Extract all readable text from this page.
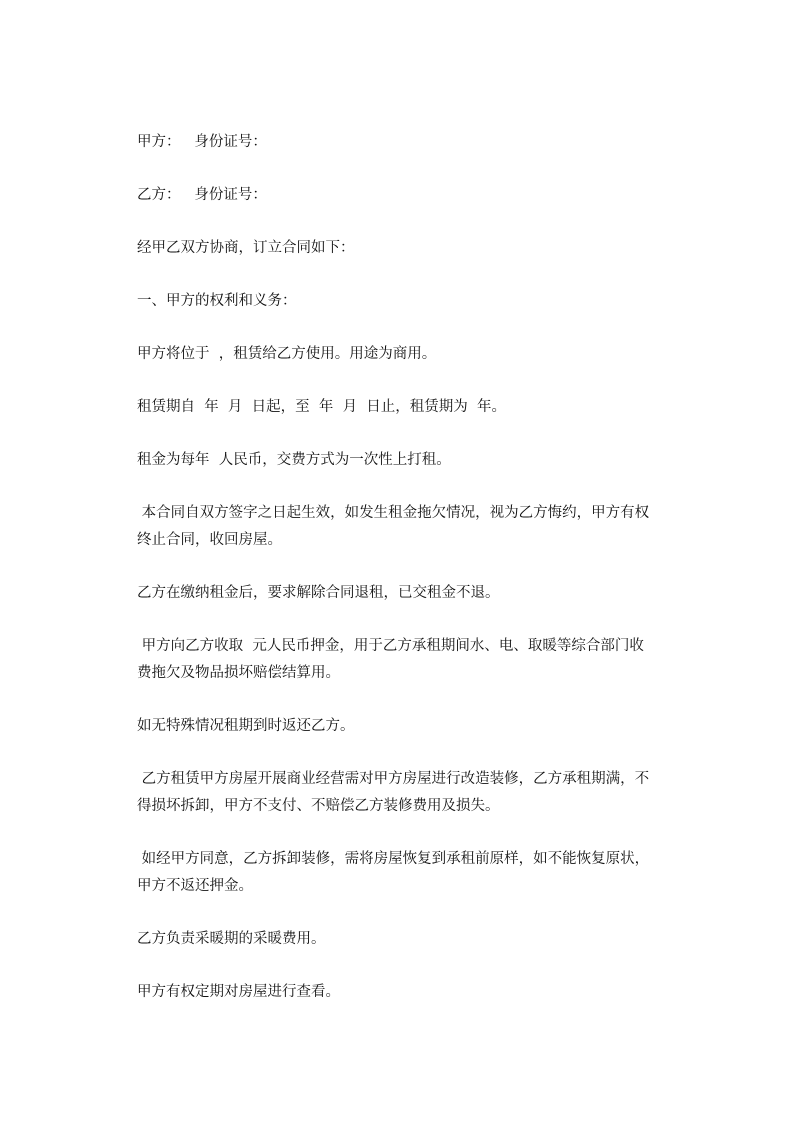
甲方：   身份证号：

乙方：   身份证号：

经甲乙双方协商，订立合同如下：

一、甲方的权利和义务：

甲方将位于  ，租赁给乙方使用。用途为商用。

租赁期自  年  月  日起，至  年  月  日止，租赁期为  年。

租金为每年  人民币，交费方式为一次性上打租。

本合同自双方签字之日起生效，如发生租金拖欠情况，视为乙方悔约，甲方有权

终止合同，收回房屋。

乙方在缴纳租金后，要求解除合同退租，已交租金不退。

甲方向乙方收取  元人民币押金，用于乙方承租期间水、电、取暖等综合部门收

费拖欠及物品损坏赔偿结算用。

如无特殊情况租期到时返还乙方。

乙方租赁甲方房屋开展商业经营需对甲方房屋进行改造装修，乙方承租期满，不

得损坏拆卸，甲方不支付、不赔偿乙方装修费用及损失。

如经甲方同意，乙方拆卸装修，需将房屋恢复到承租前原样，如不能恢复原状，

甲方不返还押金。

乙方负责采暖期的采暖费用。

甲方有权定期对房屋进行查看。
